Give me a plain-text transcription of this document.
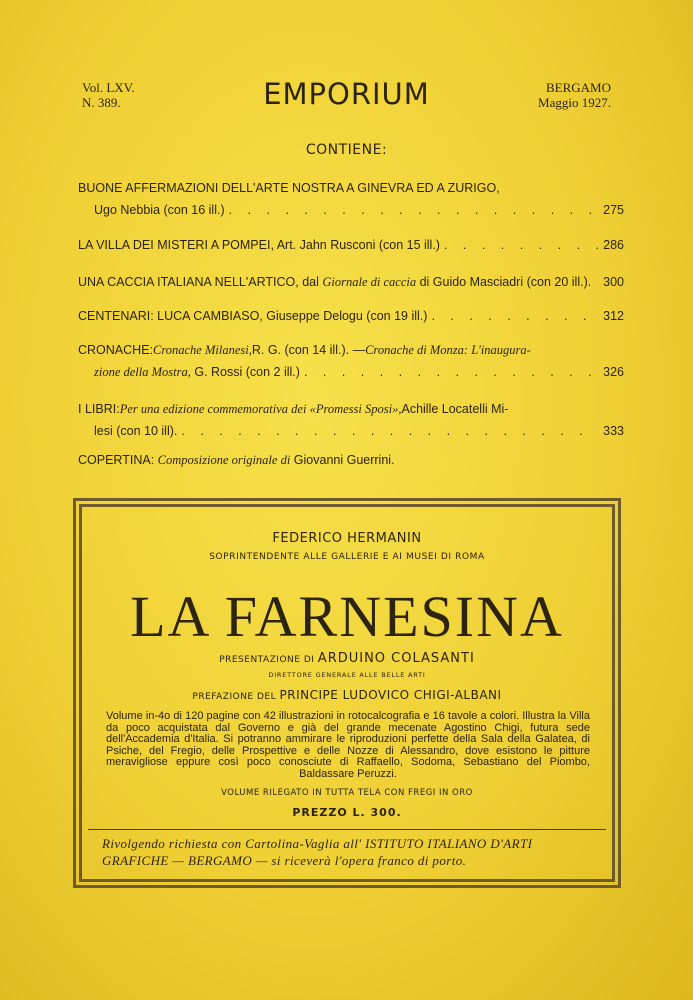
Vol. LXV.
N. 389.	EMPORIUM	BERGAMO
Maggio 1927.
CONTIENE:
BUONE AFFERMAZIONI DELL'ARTE NOSTRA A GINEVRA ED A ZURIGO,
Ugo Nebbia (con 16 ill.) . . .	275
LA VILLA DEI MISTERI A POMPEI, Art. Jahn Rusconi (con 15 ill.) . . .	286
UNA CACCIA ITALIANA NELL'ARTICO, dal Giornale di caccia di Guido Masciadri (con 20 ill.). 300
CENTENARI: LUCA CAMBIASO, Giuseppe Delogu (con 19 ill.) . . .	312
CRONACHE: Cronache Milanesi, R. G. (con 14 ill.). — Cronache di Monza: L'inaugura-
zione della Mostra,
G. Rossi (con 2 ill.) . . .	326
I LIBRI: Per una edizione commemorativa dei «Promessi Sposi», Achille Locatelli Mi-
lesi (con 10 ill). . . .	333
COPERTINA:
Composizione originale di
Giovanni Guerrini.
FEDERICO HERMANIN
SOPRINTENDENTE ALLE GALLERIE E AI MUSEI DI ROMA
LA FARNESINA
PRESENTAZIONE DI ARDUINO COLASANTI
DIRETTORE GENERALE ALLE BELLE ARTI
PREFAZIONE DEL PRINCIPE LUDOVICO CHIGI-ALBANI
Volume in-4o di 120 pagine con 42 illustrazioni in rotocalcografia e 16 tavole a colori. Illustra la Villa da poco acquistata dal Governo e già del grande mecenate Agostino Chigi, futura sede dell'Accademia d'Italia. Si potranno ammirare le riproduzioni perfette della Sala della Galatea, di Psiche, del Fregio, delle Prospettive e delle Nozze di Alessandro, dove esistono le pitture meravigliose eppure così poco conosciute di Raffaello, Sodoma, Sebastiano del Piombo, Baldassare Peruzzi.
VOLUME RILEGATO IN TUTTA TELA CON FREGI IN ORO
PREZZO L. 300.
Rivolgendo richiesta con Cartolina-Vaglia all' ISTITUTO ITALIANO D'ARTI GRAFICHE — BERGAMO — si riceverà l'opera franco di porto.
